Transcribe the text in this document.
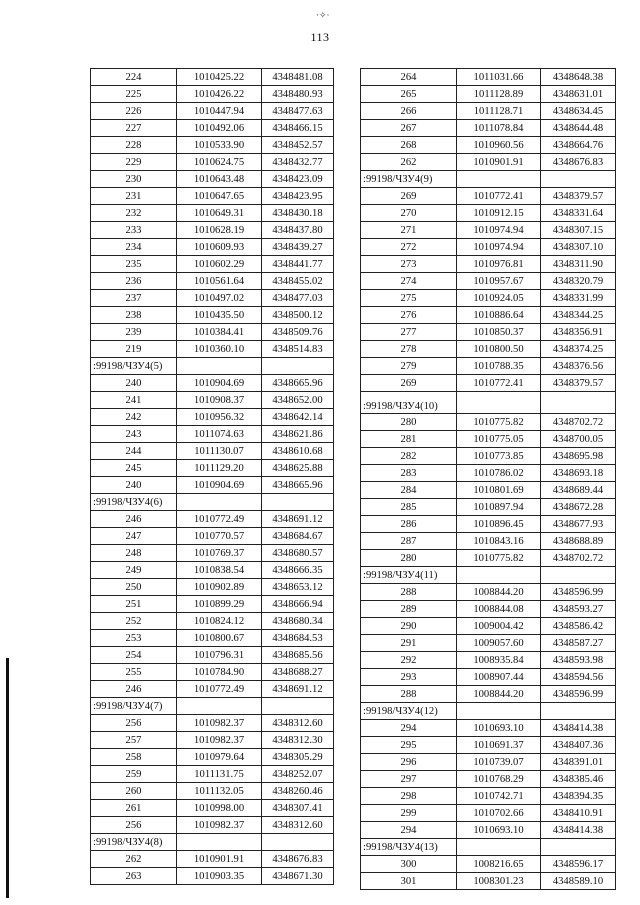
·✧·
113
224	1010425.22	4348481.08
225	1010426.22	4348480.93
226	1010447.94	4348477.63
227	1010492.06	4348466.15
228	1010533.90	4348452.57
229	1010624.75	4348432.77
230	1010643.48	4348423.09
231	1010647.65	4348423.95
232	1010649.31	4348430.18
233	1010628.19	4348437.80
234	1010609.93	4348439.27
235	1010602.29	4348441.77
236	1010561.64	4348455.02
237	1010497.02	4348477.03
238	1010435.50	4348500.12
239	1010384.41	4348509.76
219	1010360.10	4348514.83
:99198/ЧЗУ4(5)		
240	1010904.69	4348665.96
241	1010908.37	4348652.00
242	1010956.32	4348642.14
243	1011074.63	4348621.86
244	1011130.07	4348610.68
245	1011129.20	4348625.88
240	1010904.69	4348665.96
:99198/ЧЗУ4(6)		
246	1010772.49	4348691.12
247	1010770.57	4348684.67
248	1010769.37	4348680.57
249	1010838.54	4348666.35
250	1010902.89	4348653.12
251	1010899.29	4348666.94
252	1010824.12	4348680.34
253	1010800.67	4348684.53
254	1010796.31	4348685.56
255	1010784.90	4348688.27
246	1010772.49	4348691.12
:99198/ЧЗУ4(7)		
256	1010982.37	4348312.60
257	1010982.37	4348312.30
258	1010979.64	4348305.29
259	1011131.75	4348252.07
260	1011132.05	4348260.46
261	1010998.00	4348307.41
256	1010982.37	4348312.60
:99198/ЧЗУ4(8)		
262	1010901.91	4348676.83
263	1010903.35	4348671.30
264	1011031.66	4348648.38
265	1011128.89	4348631.01
266	1011128.71	4348634.45
267	1011078.84	4348644.48
268	1010960.56	4348664.76
262	1010901.91	4348676.83
:99198/ЧЗУ4(9)		
269	1010772.41	4348379.57
270	1010912.15	4348331.64
271	1010974.94	4348307.15
272	1010974.94	4348307.10
273	1010976.81	4348311.90
274	1010957.67	4348320.79
275	1010924.05	4348331.99
276	1010886.64	4348344.25
277	1010850.37	4348356.91
278	1010800.50	4348374.25
279	1010788.35	4348376.56
269	1010772.41	4348379.57
:99198/ЧЗУ4(10)		
280	1010775.82	4348702.72
281	1010775.05	4348700.05
282	1010773.85	4348695.98
283	1010786.02	4348693.18
284	1010801.69	4348689.44
285	1010897.94	4348672.28
286	1010896.45	4348677.93
287	1010843.16	4348688.89
280	1010775.82	4348702.72
:99198/ЧЗУ4(11)		
288	1008844.20	4348596.99
289	1008844.08	4348593.27
290	1009004.42	4348586.42
291	1009057.60	4348587.27
292	1008935.84	4348593.98
293	1008907.44	4348594.56
288	1008844.20	4348596.99
:99198/ЧЗУ4(12)		
294	1010693.10	4348414.38
295	1010691.37	4348407.36
296	1010739.07	4348391.01
297	1010768.29	4348385.46
298	1010742.71	4348394.35
299	1010702.66	4348410.91
294	1010693.10	4348414.38
:99198/ЧЗУ4(13)		
300	1008216.65	4348596.17
301	1008301.23	4348589.10
